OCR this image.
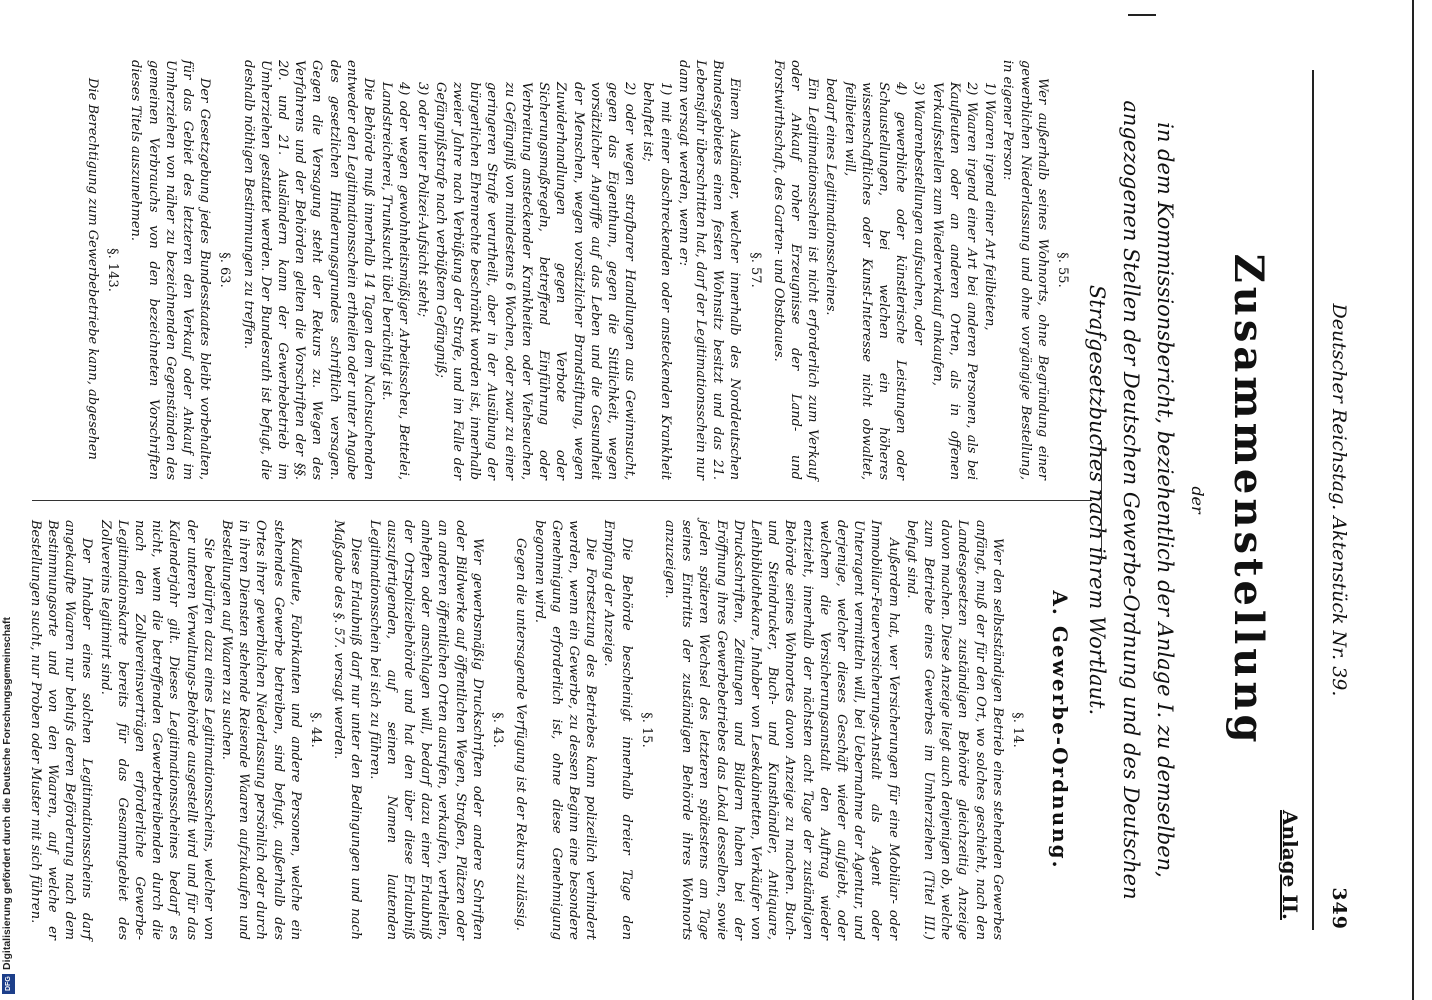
Deutscher Reichstag. Aktenstück Nr. 39.
349
Anlage II.
Zusammenstellung
der
in dem Kommissionsbericht, beziehentlich der Anlage I. zu demselben, angezogenen Stellen der Deutschen Gewerbe-Ordnung und des Deutschen Strafgesetzbuches nach ihrem Wortlaut.

§. 55.

Wer außerhalb seines Wohnorts, ohne Begründung einer gewerblichen Niederlassung und ohne vorgängige Bestellung, in eigener Person:

1) Waaren irgend einer Art feilbieten,

2) Waaren irgend einer Art bei anderen Personen, als bei Kaufleuten oder an anderen Orten, als in offenen Verkaufsstellen zum Wiederverkauf ankaufen,

3) Waarenbestellungen aufsuchen, oder

4) gewerbliche oder künstlerische Leistungen oder Schaustellungen, bei welchen ein höheres wissenschaftliches oder Kunst-Interesse nicht obwaltet, feilbieten will,

bedarf eines Legitimationsscheines.

Ein Legitimationsschein ist nicht erforderlich zum Verkauf oder Ankauf roher Erzeugnisse der Land- und Forstwirthschaft, des Garten- und Obstbaues.

§. 57.

Einem Ausländer, welcher innerhalb des Norddeutschen Bundesgebietes einen festen Wohnsitz besitzt und das 21. Lebensjahr überschritten hat, darf der Legitimationsschein nur dann versagt werden, wenn er:

1) mit einer abschreckenden oder ansteckenden Krankheit behaftet ist;

2) oder wegen strafbarer Handlungen aus Gewinnsucht, gegen das Eigenthum, gegen die Sittlichkeit, wegen vorsätzlicher Angriffe auf das Leben und die Gesundheit der Menschen, wegen vorsätzlicher Brandstiftung, wegen Zuwiderhandlungen gegen Verbote oder Sicherungsmaßregeln, betreffend Einführung oder Verbreitung ansteckender Krankheiten oder Viehseuchen, zu Gefängniß von mindestens 6 Wochen, oder zwar zu einer geringeren Strafe verurtheilt, aber in der Ausübung der bürgerlichen Ehrenrechte beschränkt worden ist, innerhalb zweier Jahre nach Verbüßung der Strafe, und im Falle der Gefängnißstrafe nach verbüßtem Gefängniß;

3) oder unter Polizei-Aufsicht steht;

4) oder wegen gewohnheitsmäßiger Arbeitsscheu, Bettelei, Landstreicherei, Trunksucht übel berüchtigt ist.

Die Behörde muß innerhalb 14 Tagen dem Nachsuchenden entweder den Legitimationsschein ertheilen oder unter Angabe des gesetzlichen Hinderungsgrundes schriftlich versagen. Gegen die Versagung steht der Rekurs zu. Wegen des Verfahrens und der Behörden gelten die Vorschriften der §§. 20. und 21. Ausländern kann der Gewerbebetrieb im Umherziehen gestattet werden. Der Bundesrath ist befugt, die deshalb nöthigen Bestimmungen zu treffen.

§. 63.

Der Gesetzgebung jedes Bundesstaates bleibt vorbehalten, für das Gebiet des letzteren den Verkauf oder Ankauf im Umherziehen von näher zu bezeichnenden Gegenständen des gemeinen Verbrauchs von den bezeichneten Vorschriften dieses Titels auszunehmen.

§. 143.

Die Berechtigung zum Gewerbebetriebe kann, abgesehen

A. Gewerbe-Ordnung.

§. 14.

Wer den selbstständigen Betrieb eines stehenden Gewerbes anfängt, muß der für den Ort, wo solches geschieht, nach den Landesgesetzen zuständigen Behörde gleichzeitig Anzeige davon machen. Diese Anzeige liegt auch denjenigen ob, welche zum Betriebe eines Gewerbes im Umherziehen (Titel III.) befugt sind.

Außerdem hat, wer Versicherungen für eine Mobiliar- oder Immobiliar-Feuerversicherungs-Anstalt als Agent oder Unteragent vermitteln will, bei Uebernahme der Agentur, und derjenige, welcher dieses Geschäft wieder aufgiebt, oder welchem die Versicherungsanstalt den Auftrag wieder entzieht, innerhalb der nächsten acht Tage der zuständigen Behörde seines Wohnortes davon Anzeige zu machen. Buch- und Steindrucker, Buch- und Kunsthändler, Antiquare, Leihbibliothekare, Inhaber von Lesekabinetten, Verkäufer von Druckschriften, Zeitungen und Bildern haben bei der Eröffnung ihres Gewerbebetriebes das Lokal desselben, sowie jeden späteren Wechsel des letzteren spätestens am Tage seines Eintritts der zuständigen Behörde ihres Wohnorts anzuzeigen.

§. 15.

Die Behörde bescheinigt innerhalb dreier Tage den Empfang der Anzeige.

Die Fortsetzung des Betriebes kann polizeilich verhindert werden, wenn ein Gewerbe, zu dessen Beginn eine besondere Genehmigung erforderlich ist, ohne diese Genehmigung begonnen wird.

Gegen die untersagende Verfügung ist der Rekurs zulässig.

§. 43.

Wer gewerbsmäßig Druckschriften oder andere Schriften oder Bildwerke auf öffentlichen Wegen, Straßen, Plätzen oder an anderen öffentlichen Orten ausrufen, verkaufen, vertheilen, anheften oder anschlagen will, bedarf dazu einer Erlaubniß der Ortspolizeibehörde und hat den über diese Erlaubniß auszufertigenden, auf seinen Namen lautenden Legitimationsschein bei sich zu führen.

Diese Erlaubniß darf nur unter den Bedingungen und nach Maßgabe des §. 57. versagt werden.

§. 44.

Kaufleute, Fabrikanten und andere Personen, welche ein stehendes Gewerbe betreiben, sind befugt, außerhalb des Ortes ihrer gewerblichen Niederlassung persönlich oder durch in ihren Diensten stehende Reisende Waaren aufzukaufen und Bestellungen auf Waaren zu suchen.

Sie bedürfen dazu eines Legitimationsscheins, welcher von der unteren Verwaltungs-Behörde ausgestellt wird und für das Kalenderjahr gilt. Dieses Legitimationsscheines bedarf es nicht, wenn die betreffenden Gewerbetreibenden durch die nach den Zollvereinsverträgen erforderliche Gewerbe-Legitimationskarte bereits für das Gesammtgebiet des Zollvereins legitimirt sind.

Der Inhaber eines solchen Legitimationsscheins darf angekaufte Waaren nur behufs deren Beförderung nach dem Bestimmungsorte und von den Waaren, auf welche er Bestellungen sucht, nur Proben oder Muster mit sich führen.

Digitalisierung gefördert durch die Deutsche Forschungsgemeinschaft
DFG
